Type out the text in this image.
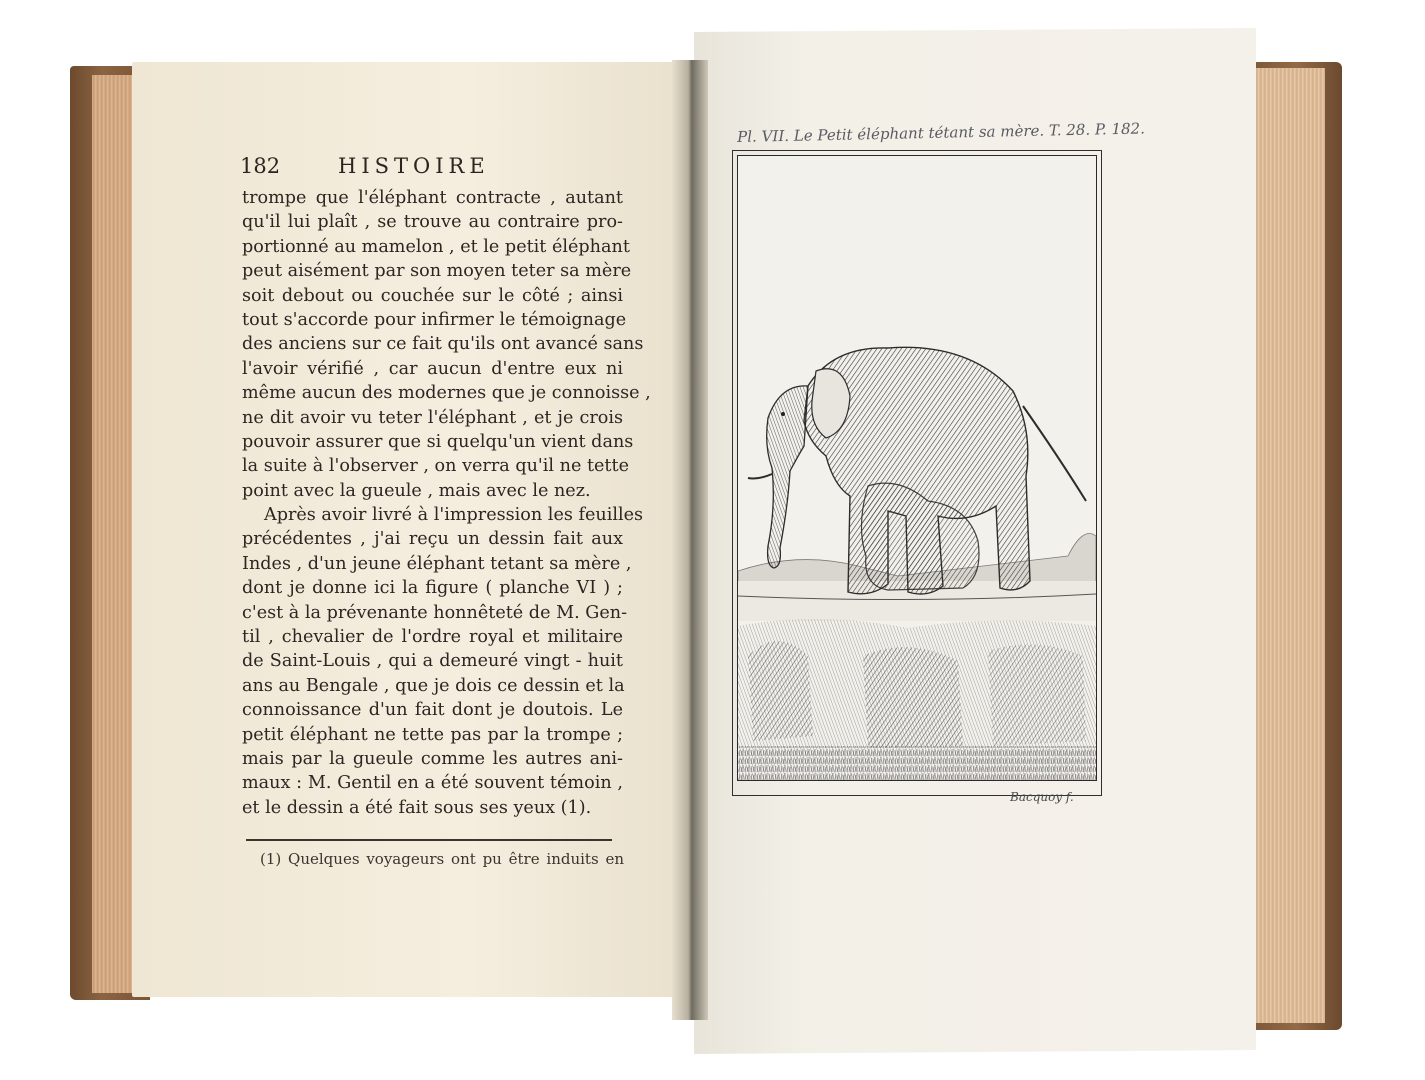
182	HISTOIRE
trompe que l'éléphant contracte , autant
qu'il lui plaît , se trouve au contraire pro-
portionné au mamelon , et le petit éléphant
peut aisément par son moyen teter sa mère
soit debout ou couchée sur le côté ; ainsi
tout s'accorde pour infirmer le témoignage
des anciens sur ce fait qu'ils ont avancé sans
l'avoir vérifié , car aucun d'entre eux ni
même aucun des modernes que je connoisse ,
ne dit avoir vu teter l'éléphant , et je crois
pouvoir assurer que si quelqu'un vient dans
la suite à l'observer , on verra qu'il ne tette
point avec la gueule , mais avec le nez.
Après avoir livré à l'impression les feuilles
précédentes , j'ai reçu un dessin fait aux
Indes , d'un jeune éléphant tetant sa mère ,
dont je donne ici la figure ( planche VI ) ;
c'est à la prévenante honnêteté de M. Gen-
til , chevalier de l'ordre royal et militaire
de Saint-Louis , qui a demeuré vingt - huit
ans au Bengale , que je dois ce dessin et la
connoissance d'un fait dont je doutois. Le
petit éléphant ne tette pas par la trompe ;
mais par la gueule comme les autres ani-
maux : M. Gentil en a été souvent témoin ,
et le dessin a été fait sous ses yeux (1).
(1) Quelques voyageurs ont pu être induits en
Pl. VII. Le Petit éléphant tétant sa mère. T. 28. P. 182.
Bacquoy f.
